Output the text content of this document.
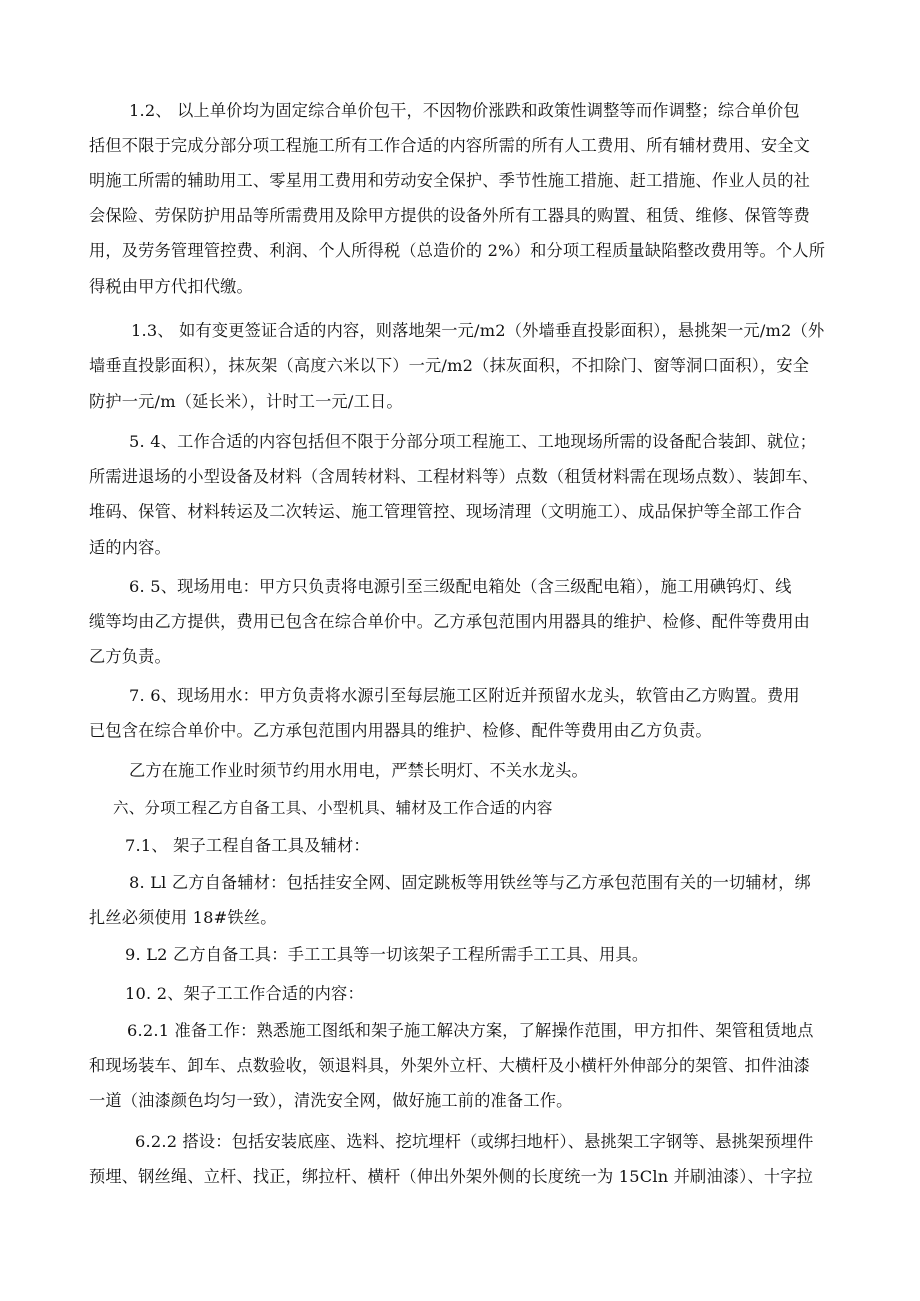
1.2、 以上单价均为固定综合单价包干，不因物价涨跌和政策性调整等而作调整；综合单价包
括但不限于完成分部分项工程施工所有工作合适的内容所需的所有人工费用、所有辅材费用、安全文
明施工所需的辅助用工、零星用工费用和劳动安全保护、季节性施工措施、赶工措施、作业人员的社
会保险、劳保防护用品等所需费用及除甲方提供的设备外所有工器具的购置、租赁、维修、保管等费
用，及劳务管理管控费、利润、个人所得税（总造价的 2%）和分项工程质量缺陷整改费用等。个人所
得税由甲方代扣代缴。
1.3、 如有变更签证合适的内容，则落地架一元/m2（外墙垂直投影面积），悬挑架一元/m2（外
墙垂直投影面积），抹灰架（高度六米以下）一元/m2（抹灰面积，不扣除门、窗等洞口面积），安全
防护一元/m（延长米），计时工一元/工日。
5. 4、工作合适的内容包括但不限于分部分项工程施工、工地现场所需的设备配合装卸、就位；
所需进退场的小型设备及材料（含周转材料、工程材料等）点数（租赁材料需在现场点数）、装卸车、
堆码、保管、材料转运及二次转运、施工管理管控、现场清理（文明施工）、成品保护等全部工作合
适的内容。
6. 5、现场用电：甲方只负责将电源引至三级配电箱处（含三级配电箱），施工用碘钨灯、线
缆等均由乙方提供，费用已包含在综合单价中。乙方承包范围内用器具的维护、检修、配件等费用由
乙方负责。
7. 6、现场用水：甲方负责将水源引至每层施工区附近并预留水龙头，软管由乙方购置。费用
已包含在综合单价中。乙方承包范围内用器具的维护、检修、配件等费用由乙方负责。
乙方在施工作业时须节约用水用电，严禁长明灯、不关水龙头。
六、分项工程乙方自备工具、小型机具、辅材及工作合适的内容
7.1、 架子工程自备工具及辅材：
8. Ll 乙方自备辅材：包括挂安全网、固定跳板等用铁丝等与乙方承包范围有关的一切辅材，绑
扎丝必须使用 18#铁丝。
9. L2 乙方自备工具：手工工具等一切该架子工程所需手工工具、用具。
10. 2、架子工工作合适的内容：
6.2.1 准备工作：熟悉施工图纸和架子施工解决方案，了解操作范围，甲方扣件、架管租赁地点
和现场装车、卸车、点数验收，领退料具，外架外立杆、大横杆及小横杆外伸部分的架管、扣件油漆
一道（油漆颜色均匀一致），清洗安全网，做好施工前的准备工作。
6.2.2 搭设：包括安装底座、选料、挖坑埋杆（或绑扫地杆）、悬挑架工字钢等、悬挑架预埋件
预埋、钢丝绳、立杆、找正，绑拉杆、横杆（伸出外架外侧的长度统一为 15Cln 并刷油漆）、十字拉
